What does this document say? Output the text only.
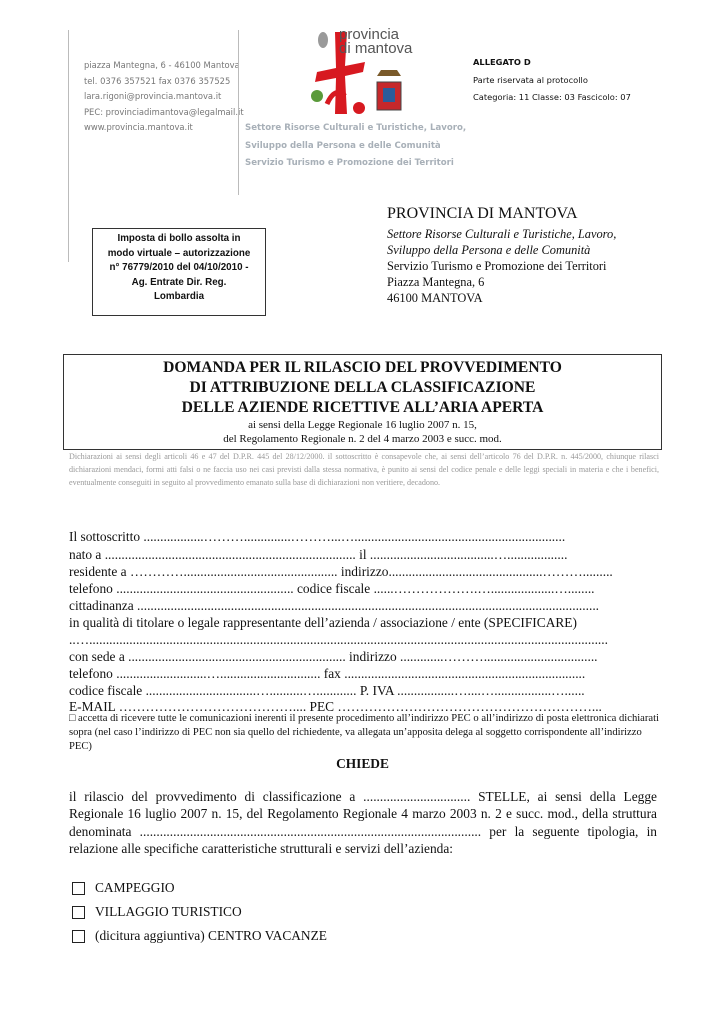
piazza Mantegna, 6 - 46100 Mantova
tel. 0376 357521 fax 0376 357525
lara.rigoni@provincia.mantova.it
PEC: provinciadimantova@legalmail.it
www.provincia.mantova.it
provincia
di mantova
Settore Risorse Culturali e Turistiche, Lavoro,
Sviluppo della Persona e delle Comunità
Servizio Turismo e Promozione dei Territori
ALLEGATO D
Parte riservata al protocollo
Categoria: 11 Classe: 03 Fascicolo: 07
Imposta di bollo assolta in
modo virtuale – autorizzazione
n° 76779/2010 del 04/10/2010 -
Ag. Entrate Dir. Reg.
Lombardia
PROVINCIA DI MANTOVA
Settore Risorse Culturali e Turistiche, Lavoro,
Sviluppo della Persona e delle Comunità
Servizio Turismo e Promozione dei Territori
Piazza Mantegna, 6
46100 MANTOVA
DOMANDA PER IL RILASCIO DEL PROVVEDIMENTO
DI ATTRIBUZIONE DELLA CLASSIFICAZIONE
DELLE AZIENDE RICETTIVE ALL’ARIA APERTA
ai sensi della Legge Regionale 16 luglio 2007 n. 15,
del Regolamento Regionale n. 2 del 4 marzo 2003 e succ. mod.
Dichiarazioni ai sensi degli articoli 46 e 47 del D.P.R. 445 del 28/12/2000. il sottoscritto è consapevole che, ai sensi dell’articolo 76 del D.P.R. n. 445/2000, chiunque rilasci dichiarazioni mendaci, formi atti falsi o ne faccia uso nei casi previsti dalla stessa normativa, è punito ai sensi del codice penale e delle leggi speciali in materia e che i benefici, eventualmente conseguiti in seguito al provvedimento emanato sulla base di dichiarazioni non veritiere, decadono.
Il sottoscritto ..................………..............………...…...............................................................
nato a ........................................................................... il .....................................…..................
residente a ………….............................................. indirizzo..............................................……….........
telefono ..................................................... codice fiscale ......……………….…...................…........
cittadinanza ..........................................................................................................................................
in qualità di titolare o legale rappresentante dell’azienda / associazione / ente (SPECIFICARE)
..…...........................................................................................................................................................
con sede a ................................................................. indirizzo .............………..................................
telefono ...........................….............................. fax ........................................................................
codice fiscale .................................…..........…............ P. IVA .................…....….................…......
E-MAIL ………………………………….... PEC …………………………………………………...
□ accetta di ricevere tutte le comunicazioni inerenti il presente procedimento all’indirizzo PEC o all’indirizzo di posta elettronica dichiarati sopra (nel caso l’indirizzo di PEC non sia quello del richiedente, va allegata un’apposita delega al soggetto corrispondente all’indirizzo PEC)
CHIEDE
il rilascio del provvedimento di classificazione a ................................ STELLE, ai sensi della Legge Regionale 16 luglio 2007 n. 15, del Regolamento Regionale 4 marzo 2003 n. 2 e succ. mod., della struttura denominata ...................................................................................................... per la seguente tipologia, in relazione alle specifiche caratteristiche strutturali e servizi dell’azienda:
CAMPEGGIO
VILLAGGIO TURISTICO
(dicitura aggiuntiva) CENTRO VACANZE
